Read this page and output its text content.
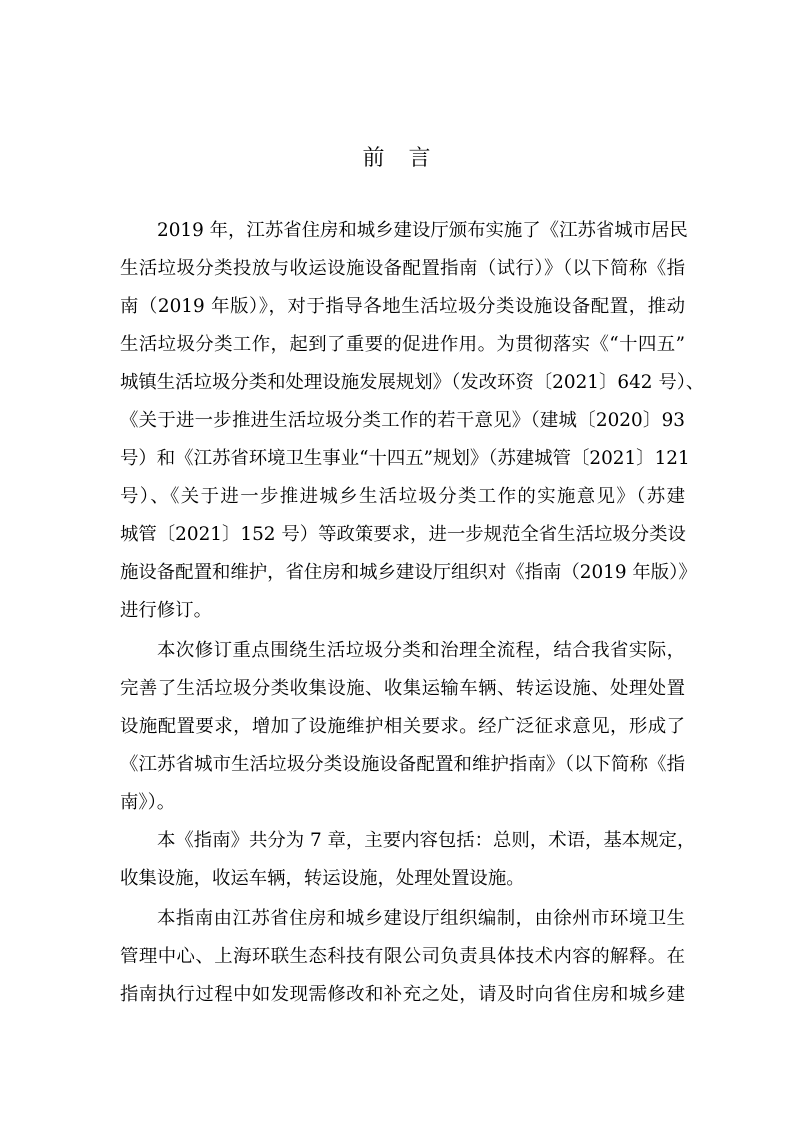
前言
2019 年，江苏省住房和城乡建设厅颁布实施了《江苏省城市居民
生活垃圾分类投放与收运设施设备配置指南（试行）》（以下简称《指
南（2019 年版）》，对于指导各地生活垃圾分类设施设备配置，推动
生活垃圾分类工作，起到了重要的促进作用。为贯彻落实《“十四五”
城镇生活垃圾分类和处理设施发展规划》（发改环资〔2021〕642 号）、
《关于进一步推进生活垃圾分类工作的若干意见》（建城〔2020〕93
号）和《江苏省环境卫生事业“十四五”规划》（苏建城管〔2021〕121
号）、《关于进一步推进城乡生活垃圾分类工作的实施意见》（苏建
城管〔2021〕152 号）等政策要求，进一步规范全省生活垃圾分类设
施设备配置和维护，省住房和城乡建设厅组织对《指南（2019 年版）》
进行修订。
本次修订重点围绕生活垃圾分类和治理全流程，结合我省实际，
完善了生活垃圾分类收集设施、收集运输车辆、转运设施、处理处置
设施配置要求，增加了设施维护相关要求。经广泛征求意见，形成了
《江苏省城市生活垃圾分类设施设备配置和维护指南》（以下简称《指
南》）。
本《指南》共分为 7 章，主要内容包括：总则，术语，基本规定，
收集设施，收运车辆，转运设施，处理处置设施。
本指南由江苏省住房和城乡建设厅组织编制，由徐州市环境卫生
管理中心、上海环联生态科技有限公司负责具体技术内容的解释。在
指南执行过程中如发现需修改和补充之处，请及时向省住房和城乡建
